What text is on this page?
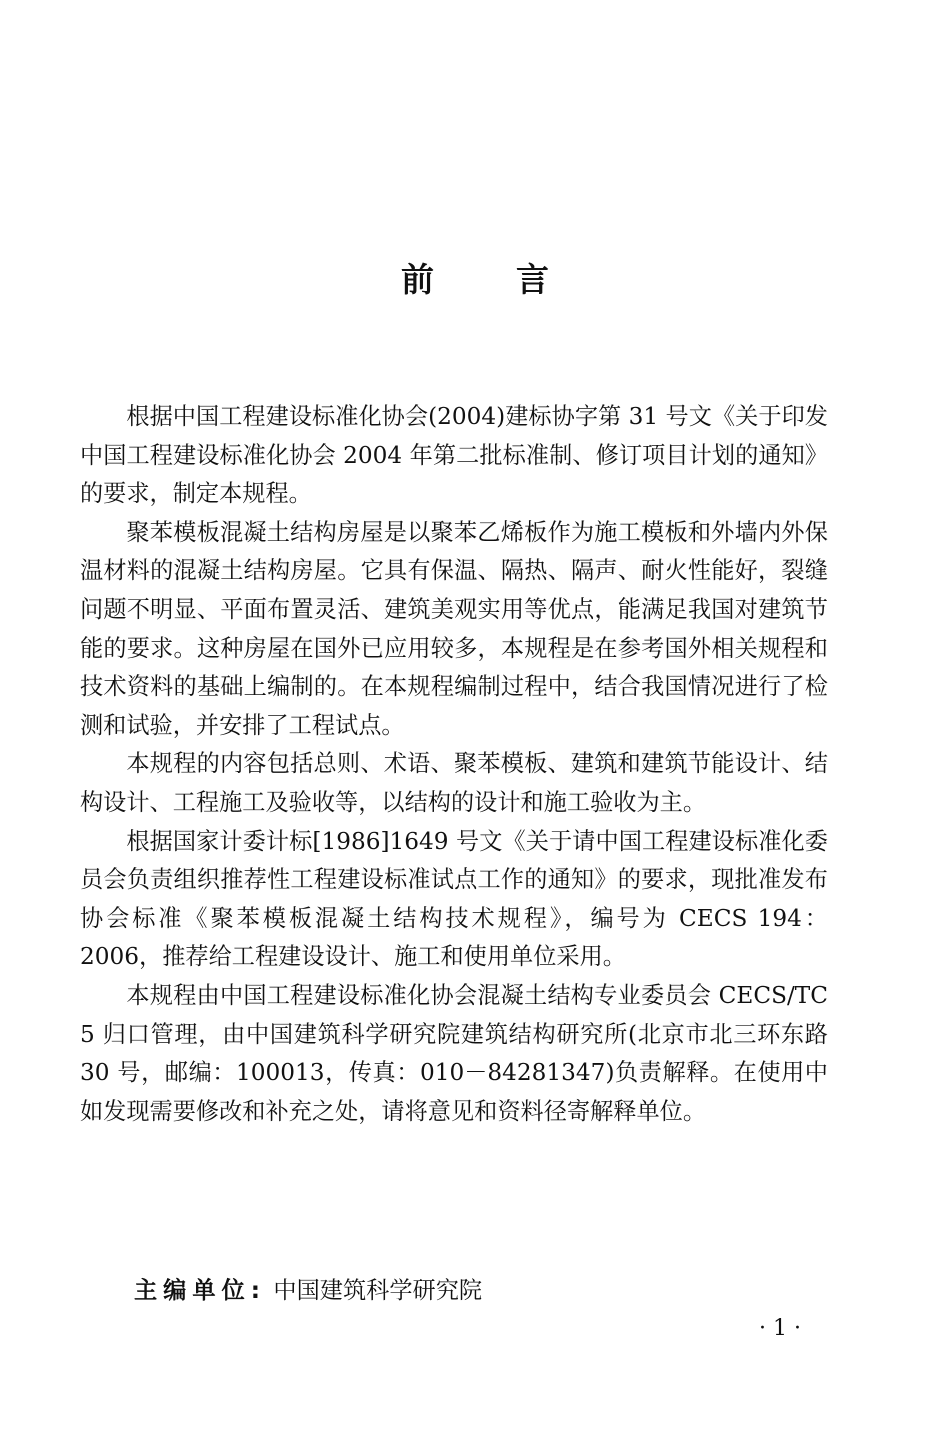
前 言

根据中国工程建设标准化协会(2004)建标协字第 31 号文《关于印发中国工程建设标准化协会 2004 年第二批标准制、修订项目计划的通知》的要求，制定本规程。

聚苯模板混凝土结构房屋是以聚苯乙烯板作为施工模板和外墙内外保温材料的混凝土结构房屋。它具有保温、隔热、隔声、耐火性能好，裂缝问题不明显、平面布置灵活、建筑美观实用等优点，能满足我国对建筑节能的要求。这种房屋在国外已应用较多，本规程是在参考国外相关规程和技术资料的基础上编制的。在本规程编制过程中，结合我国情况进行了检测和试验，并安排了工程试点。

本规程的内容包括总则、术语、聚苯模板、建筑和建筑节能设计、结构设计、工程施工及验收等，以结构的设计和施工验收为主。

根据国家计委计标[1986]1649 号文《关于请中国工程建设标准化委员会负责组织推荐性工程建设标准试点工作的通知》的要求，现批准发布协会标准《聚苯模板混凝土结构技术规程》，编号为 CECS 194：2006，推荐给工程建设设计、施工和使用单位采用。

本规程由中国工程建设标准化协会混凝土结构专业委员会 CECS/TC 5 归口管理，由中国建筑科学研究院建筑结构研究所(北京市北三环东路 30 号，邮编：100013，传真：010－84281347)负责解释。在使用中如发现需要修改和补充之处，请将意见和资料径寄解释单位。

主编单位: 中国建筑科学研究院
· 1 ·
